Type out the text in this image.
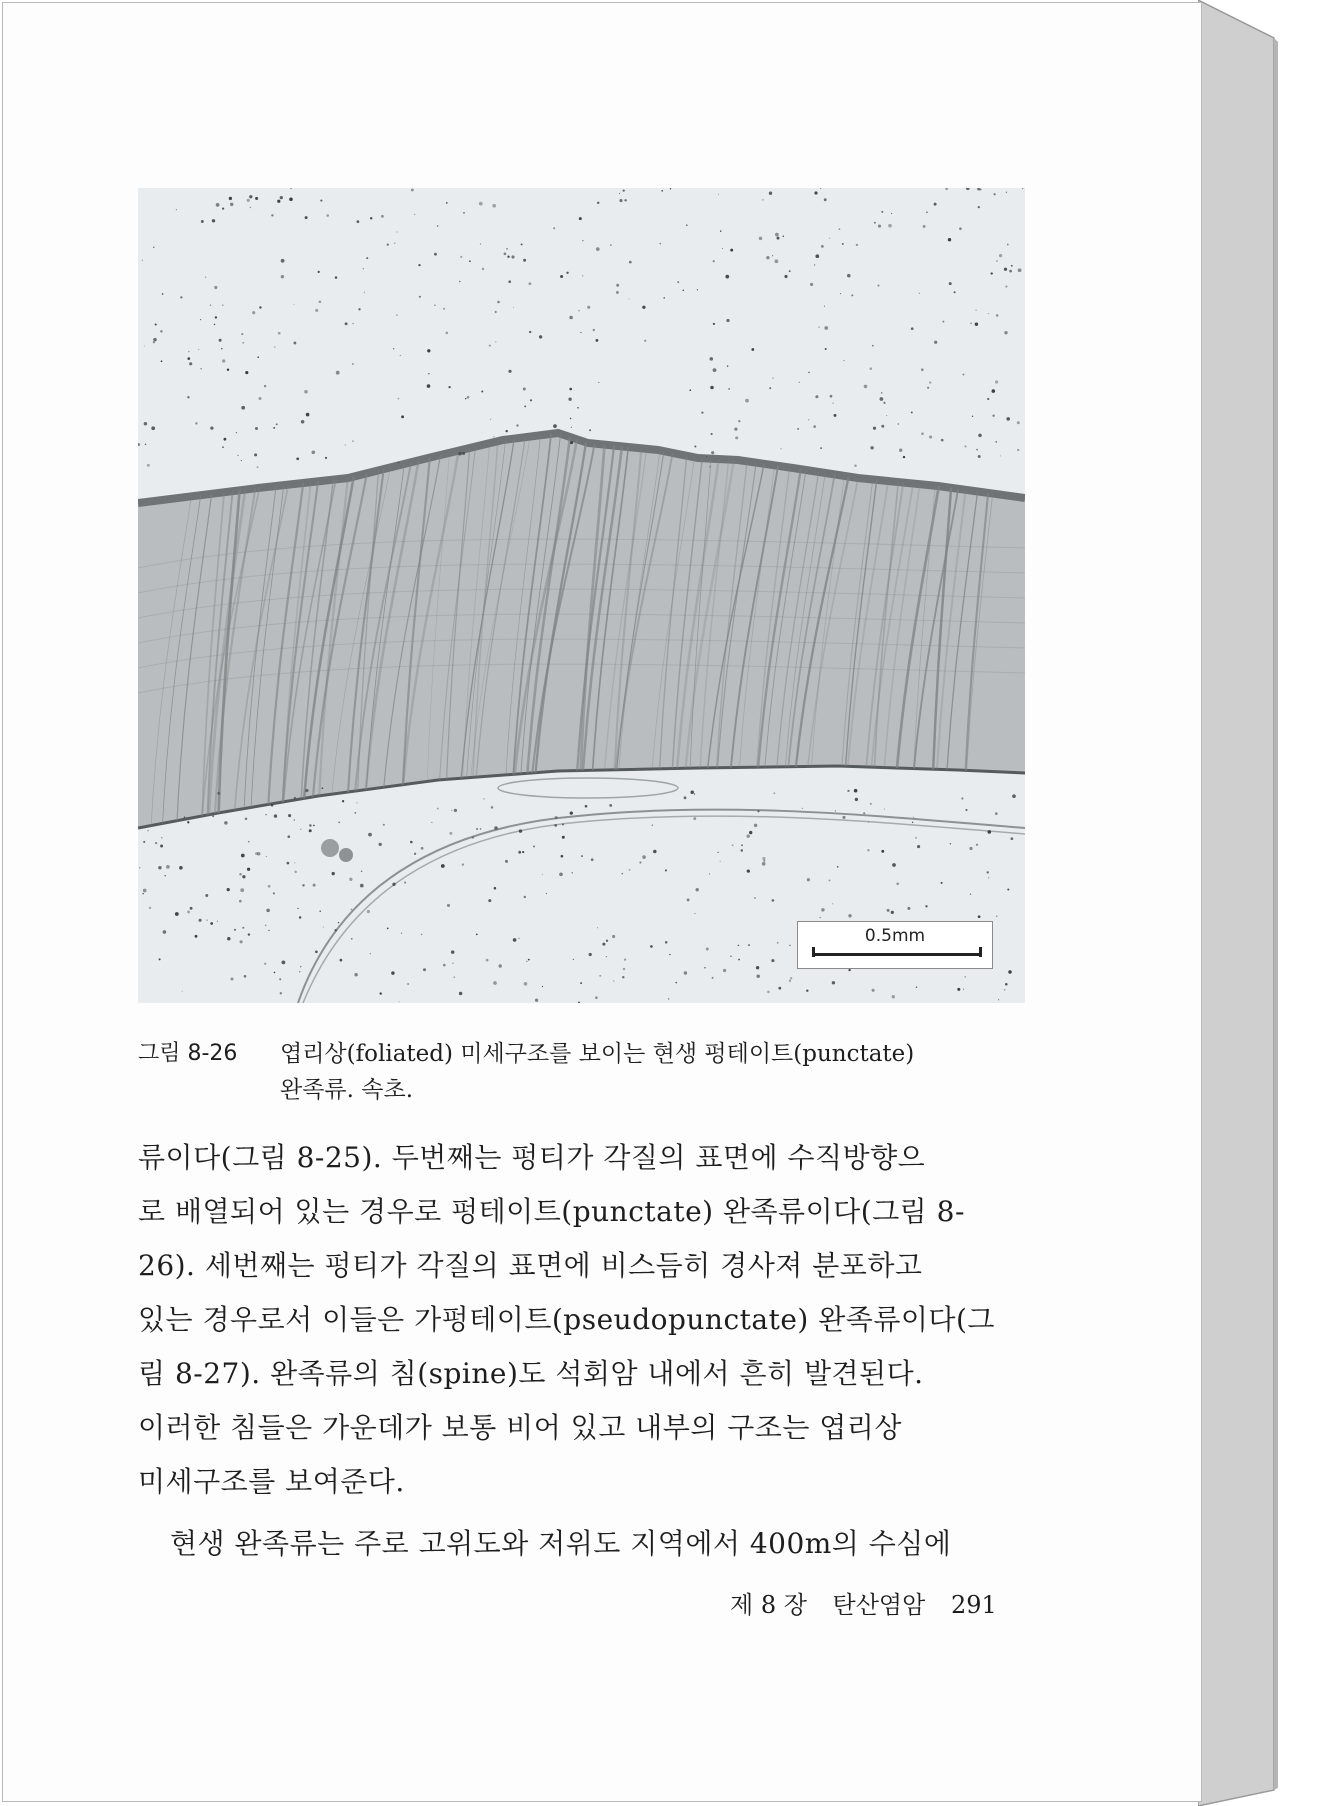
0.5mm
그림 8-26 엽리상(foliated) 미세구조를 보이는 현생 펑테이트(punctate)
완족류. 속초.
류이다(그림 8-25). 두번째는 펑티가 각질의 표면에 수직방향으
로 배열되어 있는 경우로 펑테이트(punctate) 완족류이다(그림 8-
26). 세번째는 펑티가 각질의 표면에 비스듬히 경사져 분포하고
있는 경우로서 이들은 가펑테이트(pseudopunctate) 완족류이다(그
림 8-27). 완족류의 침(spine)도 석회암 내에서 흔히 발견된다.
이러한 침들은 가운데가 보통 비어 있고 내부의 구조는 엽리상
미세구조를 보여준다.
현생 완족류는 주로 고위도와 저위도 지역에서 400m의 수심에
제 8 장 탄산염암 291
